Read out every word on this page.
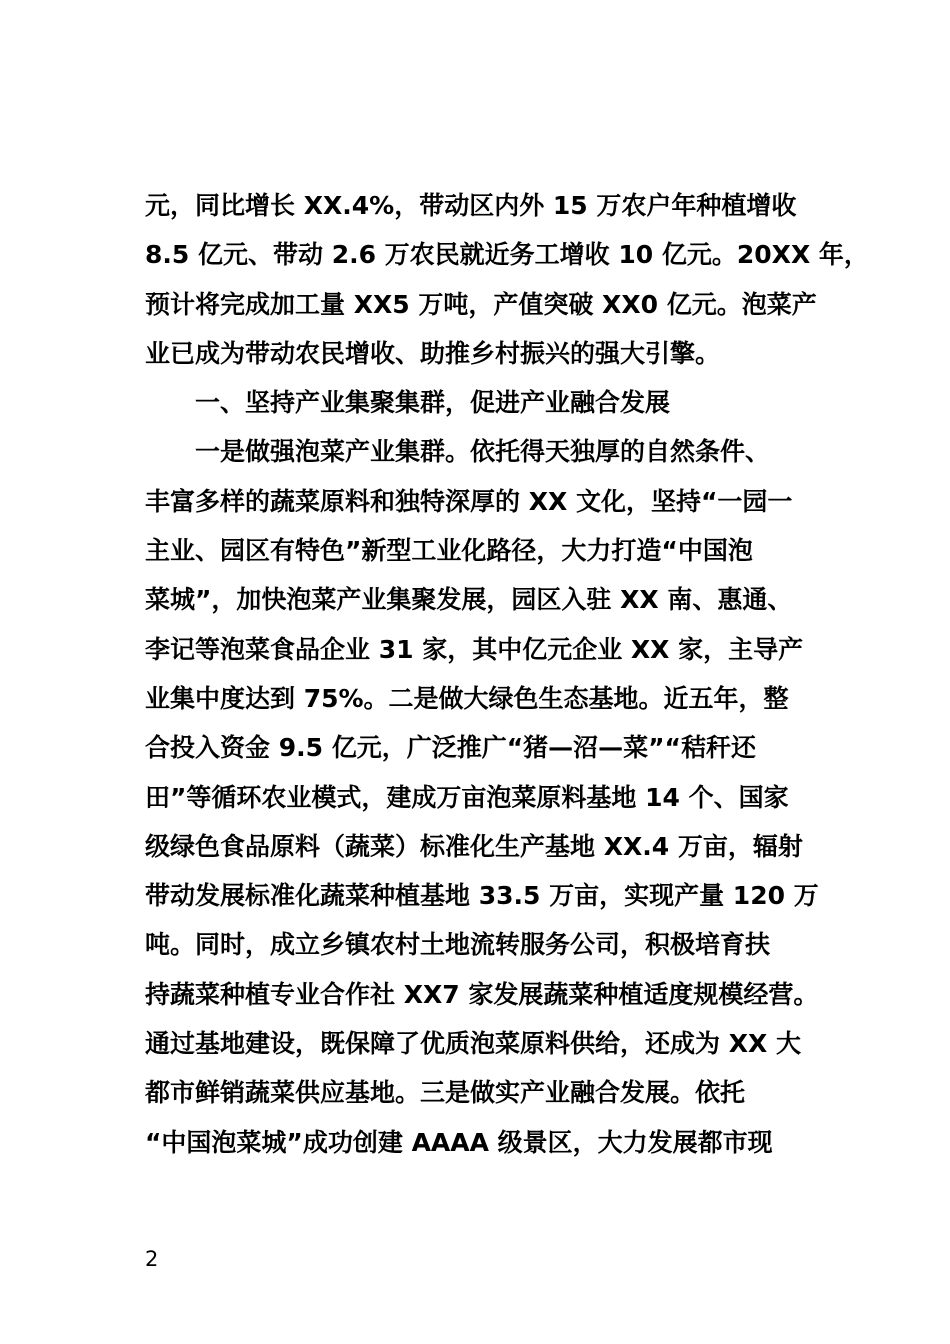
元，同比增长 XX.4%，带动区内外 15 万农户年种植增收
8.5 亿元、带动 2.6 万农民就近务工增收 10 亿元。20XX 年，
预计将完成加工量 XX5 万吨，产值突破 XX0 亿元。泡菜产
业已成为带动农民增收、助推乡村振兴的强大引擎。
一、坚持产业集聚集群，促进产业融合发展
一是做强泡菜产业集群。依托得天独厚的自然条件、
丰富多样的蔬菜原料和独特深厚的 XX 文化，坚持“一园一
主业、园区有特色”新型工业化路径，大力打造“中国泡
菜城”，加快泡菜产业集聚发展，园区入驻 XX 南、惠通、
李记等泡菜食品企业 31 家，其中亿元企业 XX 家，主导产
业集中度达到 75%。二是做大绿色生态基地。近五年，整
合投入资金 9.5 亿元，广泛推广“猪—沼—菜”“秸秆还
田”等循环农业模式，建成万亩泡菜原料基地 14 个、国家
级绿色食品原料（蔬菜）标准化生产基地 XX.4 万亩，辐射
带动发展标准化蔬菜种植基地 33.5 万亩，实现产量 120 万
吨。同时，成立乡镇农村土地流转服务公司，积极培育扶
持蔬菜种植专业合作社 XX7 家发展蔬菜种植适度规模经营。
通过基地建设，既保障了优质泡菜原料供给，还成为 XX 大
都市鲜销蔬菜供应基地。三是做实产业融合发展。依托
“中国泡菜城”成功创建 AAAA 级景区，大力发展都市现
2
